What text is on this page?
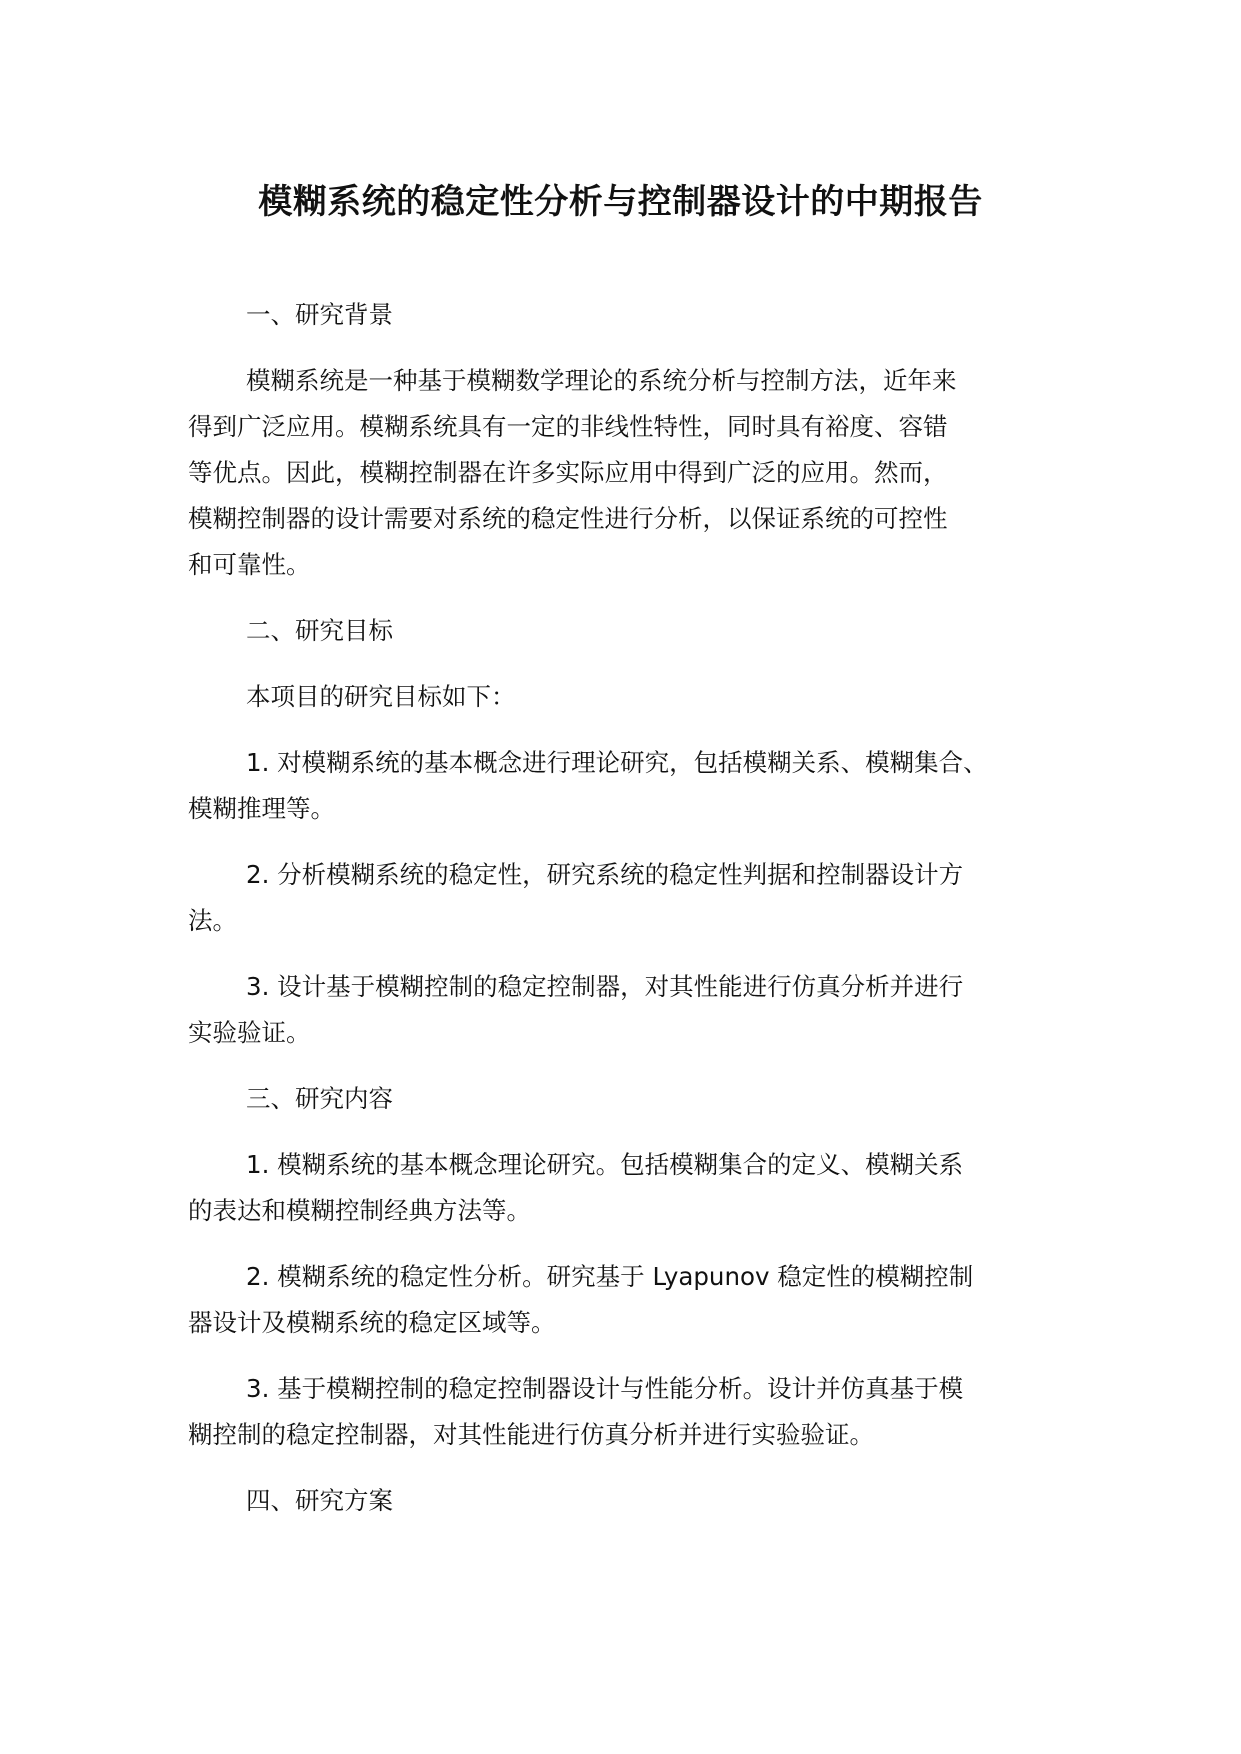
模糊系统的稳定性分析与控制器设计的中期报告
一、研究背景
模糊系统是一种基于模糊数学理论的系统分析与控制方法，近年来
得到广泛应用。模糊系统具有一定的非线性特性，同时具有裕度、容错
等优点。因此，模糊控制器在许多实际应用中得到广泛的应用。然而，
模糊控制器的设计需要对系统的稳定性进行分析，以保证系统的可控性
和可靠性。
二、研究目标
本项目的研究目标如下：
1. 对模糊系统的基本概念进行理论研究，包括模糊关系、模糊集合、
模糊推理等。
2. 分析模糊系统的稳定性，研究系统的稳定性判据和控制器设计方
法。
3. 设计基于模糊控制的稳定控制器，对其性能进行仿真分析并进行
实验验证。
三、研究内容
1. 模糊系统的基本概念理论研究。包括模糊集合的定义、模糊关系
的表达和模糊控制经典方法等。
2. 模糊系统的稳定性分析。研究基于 Lyapunov 稳定性的模糊控制
器设计及模糊系统的稳定区域等。
3. 基于模糊控制的稳定控制器设计与性能分析。设计并仿真基于模
糊控制的稳定控制器，对其性能进行仿真分析并进行实验验证。
四、研究方案
